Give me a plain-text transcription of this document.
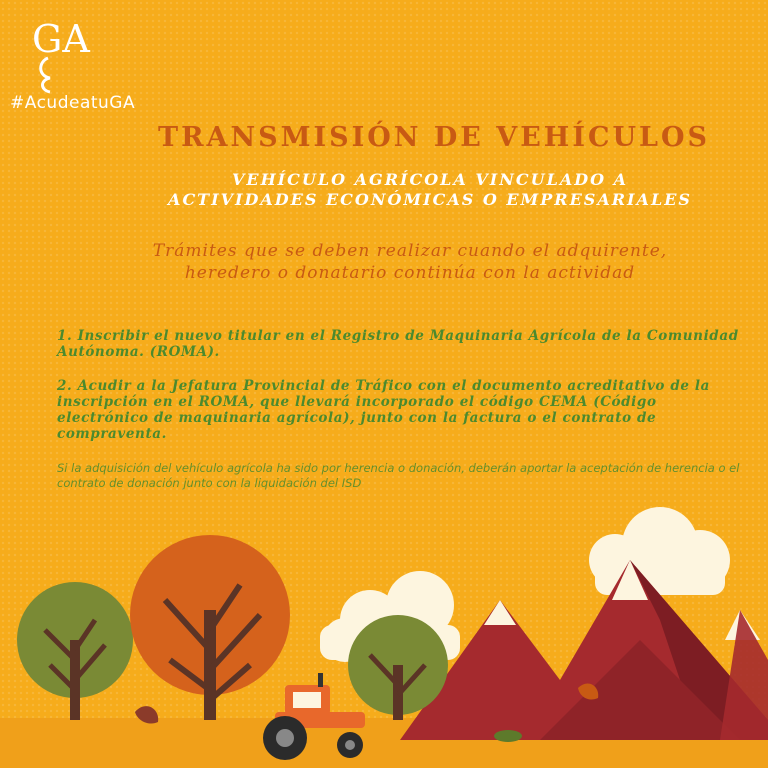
GA
#AcudeatuGA
TRANSMISIÓN DE VEHÍCULOS
VEHÍCULO AGRÍCOLA VINCULADO A
ACTIVIDADES ECONÓMICAS O EMPRESARIALES
Trámites que se deben realizar cuando el adquirente,
heredero o donatario continúa con la actividad
1. Inscribir el nuevo titular en el Registro de Maquinaria Agrícola de la Comunidad Autónoma. (ROMA).
2. Acudir a la Jefatura Provincial de Tráfico con el documento acreditativo de la inscripción en el ROMA, que llevará incorporado el código CEMA (Código electrónico de maquinaria agrícola), junto con la factura o el contrato de compraventa.
Si la adquisición del vehículo agrícola ha sido por herencia o donación, deberán aportar la aceptación de herencia o el contrato de donación junto con la liquidación del ISD
